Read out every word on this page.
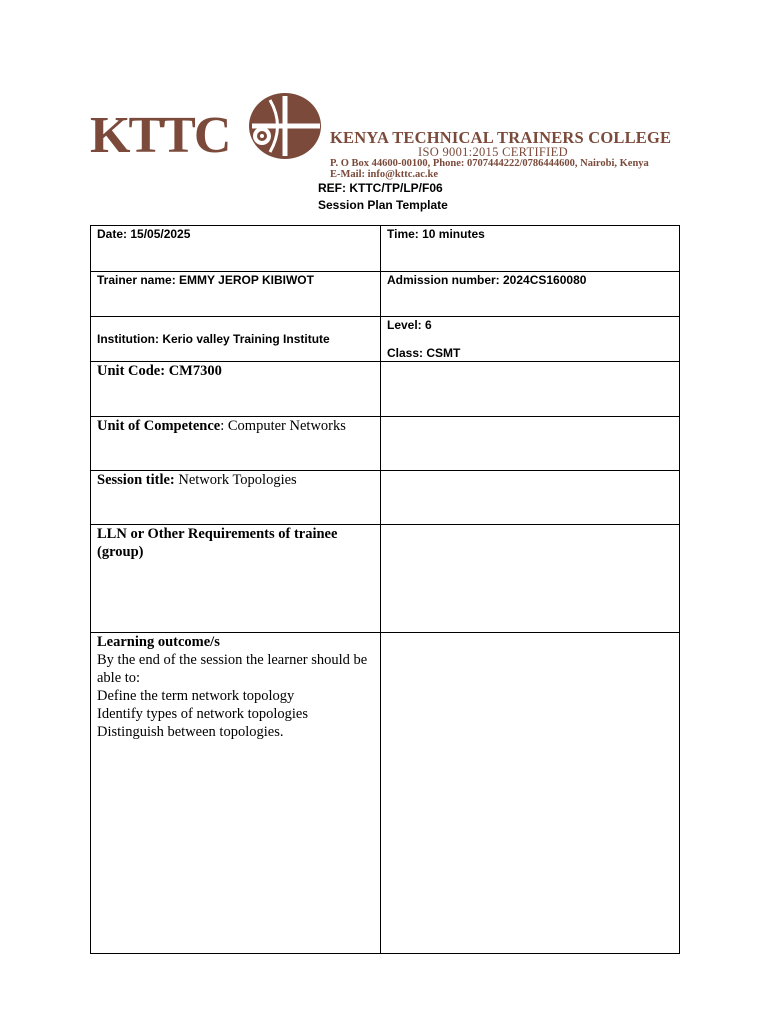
KTTC	KENYA TECHNICAL TRAINERS COLLEGE
ISO 9001:2015 CERTIFIED
P. O Box 44600-00100, Phone: 0707444222/0786444600, Nairobi, Kenya
E-Mail: info@kttc.ac.ke
REF: KTTC/TP/LP/F06
Session Plan Template
Date: 15/05/2025	Time: 10 minutes
Trainer name: EMMY JEROP KIBIWOT	Admission number: 2024CS160080
Institution: Kerio valley Training Institute	Level: 6
Class: CSMT

Unit Code: CM7300	
Unit of Competence: Computer Networks	
Session title: Network Topologies	
LLN or Other Requirements of trainee (group)	
Learning outcome/s
By the end of the session the learner should be able to:
Define the term network topology
Identify types of network topologies
Distinguish between topologies.	
